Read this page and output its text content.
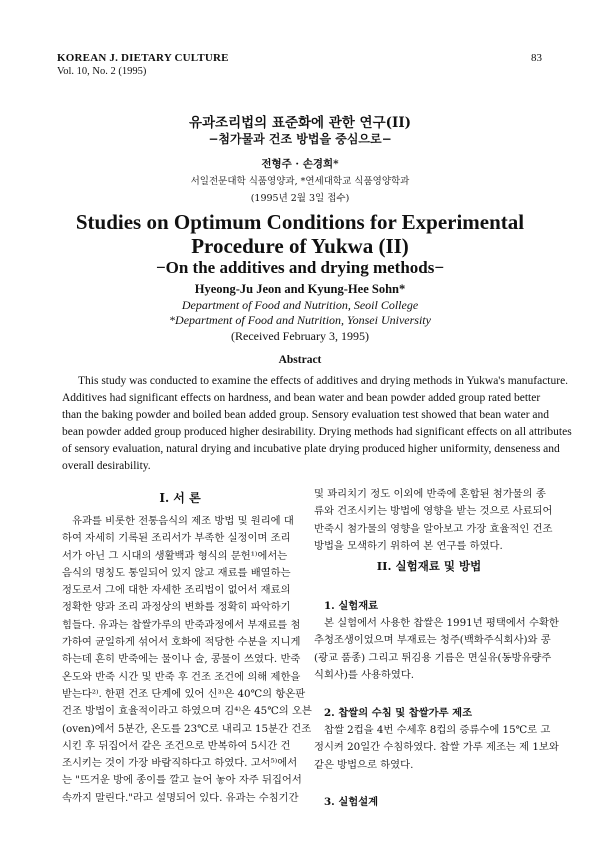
KOREAN J. DIETARY CULTURE
Vol. 10, No. 2 (1995)
83
유과조리법의 표준화에 관한 연구(II)
−첨가물과 건조 방법을 중심으로−
전형주 · 손경희*
서일전문대학 식품영양과, *연세대학교 식품영양학과
(1995년 2월 3일 접수)
Studies on Optimum Conditions for Experimental
Procedure of Yukwa (II)
−On the additives and drying methods−
Hyeong-Ju Jeon and Kyung-Hee Sohn*
Department of Food and Nutrition, Seoil College
*Department of Food and Nutrition, Yonsei University
(Received February 3, 1995)
Abstract
This study was conducted to examine the effects of additives and drying methods in Yukwa's manufacture.
Additives had significant effects on hardness, and bean water and bean powder added group rated better
than the baking powder and boiled bean added group. Sensory evaluation test showed that bean water and
bean powder added group produced higher desirability. Drying methods had significant effects on all attributes
of sensory evaluation, natural drying and incubative plate drying produced higher uniformity, denseness and
overall desirability.
I. 서 론
유과를 비롯한 전통음식의 제조 방법 및 원리에 대
하여 자세히 기록된 조리서가 부족한 실정이며 조리
서가 아닌 그 시대의 생활백과 형식의 문헌¹⁾에서는
음식의 명칭도 통일되어 있지 않고 재료를 배열하는
정도로서 그에 대한 자세한 조리법이 없어서 재료의
정확한 양과 조리 과정상의 변화를 정확히 파악하기
힘들다. 유과는 찹쌀가루의 반죽과정에서 부재료를 첨
가하여 균일하게 섞어서 호화에 적당한 수분을 지니게
하는데 흔히 반죽에는 물이나 술, 콩물이 쓰였다. 반죽
온도와 반죽 시간 및 반죽 후 건조 조건에 의해 제한을
받는다²⁾. 한편 건조 단계에 있어 신³⁾은 40℃의 항온판
건조 방법이 효율적이라고 하였으며 김⁴⁾은 45℃의 오븐
(oven)에서 5분간, 온도를 23℃로 내리고 15분간 건조
시킨 후 뒤집어서 같은 조건으로 반복하여 5시간 건
조시키는 것이 가장 바람직하다고 하였다. 고서⁵⁾에서
는 "뜨거운 방에 종이를 깔고 늘어 놓아 자주 뒤집어서
속까지 말린다."라고 설명되어 있다. 유과는 수침기간
및 꽈리치기 정도 이외에 반죽에 혼합된 첨가물의 종
류와 건조시키는 방법에 영향을 받는 것으로 사료되어
반죽시 첨가물의 영향을 알아보고 가장 효율적인 건조
방법을 모색하기 위하여 본 연구를 하였다.
II. 실험재료 및 방법
1. 실험재료
본 실험에서 사용한 찹쌀은 1991년 평택에서 수확한
추청조생이었으며 부재료는 청주(백화주식회사)와 콩
(광교 품종) 그리고 튀김용 기름은 면실유(동방유량주
식회사)를 사용하였다.
2. 찹쌀의 수침 및 찹쌀가루 제조
찹쌀 2컵을 4번 수세후 8컵의 증류수에 15℃로 고
정시켜 20일간 수침하였다. 찹쌀 가루 제조는 제 1보와
같은 방법으로 하였다.
3. 실험설계
